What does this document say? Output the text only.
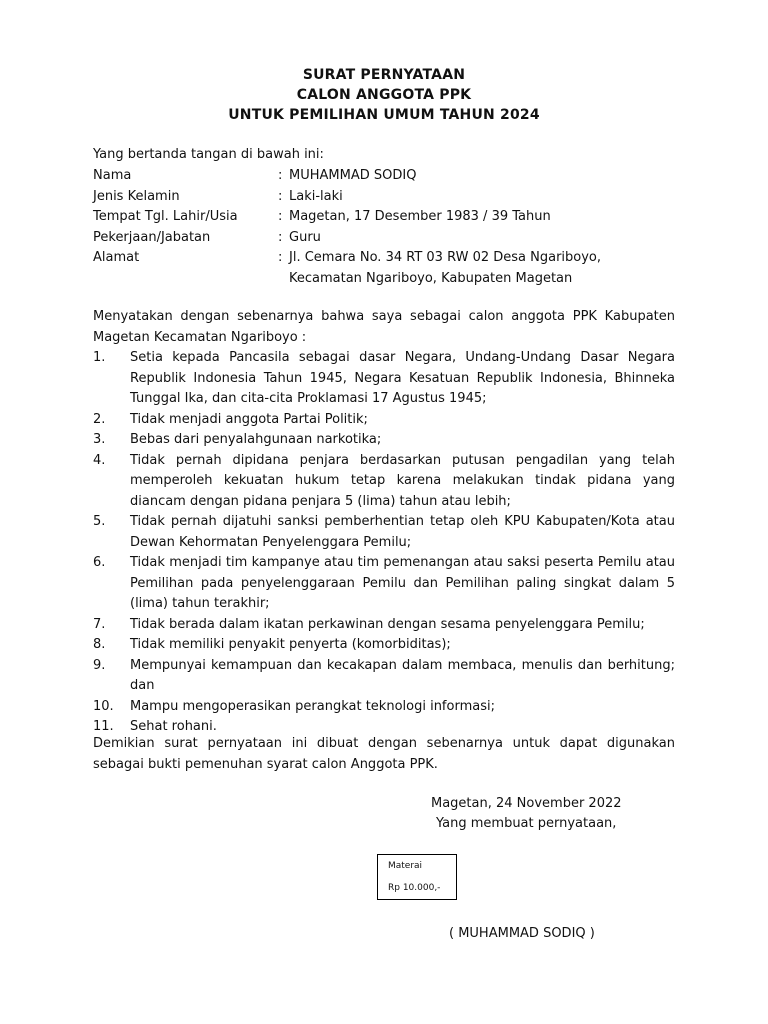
SURAT PERNYATAAN
CALON ANGGOTA PPK
UNTUK PEMILIHAN UMUM TAHUN 2024
Yang bertanda tangan di bawah ini:
Nama	: MUHAMMAD SODIQ
Jenis Kelamin	: Laki-laki
Tempat Tgl. Lahir/Usia	: Magetan, 17 Desember 1983 / 39 Tahun
Pekerjaan/Jabatan	: Guru
Alamat	: Jl. Cemara No. 34 RT 03 RW 02 Desa Ngariboyo,
Kecamatan Ngariboyo, Kabupaten Magetan
Menyatakan dengan sebenarnya bahwa saya sebagai calon anggota PPK Kabupaten Magetan Kecamatan Ngariboyo :
1. Setia kepada Pancasila sebagai dasar Negara, Undang-Undang Dasar Negara Republik Indonesia Tahun 1945, Negara Kesatuan Republik Indonesia, Bhinneka Tunggal Ika, dan cita-cita Proklamasi 17 Agustus 1945;
2. Tidak menjadi anggota Partai Politik;
3. Bebas dari penyalahgunaan narkotika;
4. Tidak pernah dipidana penjara berdasarkan putusan pengadilan yang telah memperoleh kekuatan hukum tetap karena melakukan tindak pidana yang diancam dengan pidana penjara 5 (lima) tahun atau lebih;
5. Tidak pernah dijatuhi sanksi pemberhentian tetap oleh KPU Kabupaten/Kota atau Dewan Kehormatan Penyelenggara Pemilu;
6. Tidak menjadi tim kampanye atau tim pemenangan atau saksi peserta Pemilu atau Pemilihan pada penyelenggaraan Pemilu dan Pemilihan paling singkat dalam 5 (lima) tahun terakhir;
7. Tidak berada dalam ikatan perkawinan dengan sesama penyelenggara Pemilu;
8. Tidak memiliki penyakit penyerta (komorbiditas);
9. Mempunyai kemampuan dan kecakapan dalam membaca, menulis dan berhitung; dan
10. Mampu mengoperasikan perangkat teknologi informasi;
11. Sehat rohani.
Demikian surat pernyataan ini dibuat dengan sebenarnya untuk dapat digunakan sebagai bukti pemenuhan syarat calon Anggota PPK.
Magetan, 24 November 2022
Yang membuat pernyataan,
Materai
Rp 10.000,-
( MUHAMMAD SODIQ )
